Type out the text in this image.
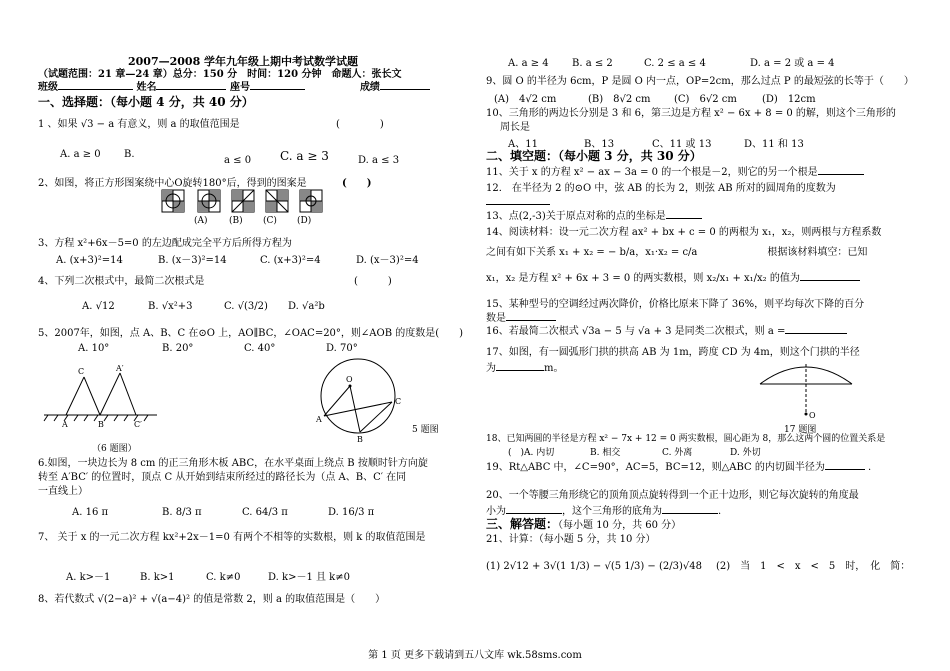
2007—2008 学年九年级上期中考试数学试题
（试题范围：21 章—24 章）总分：150 分　时间：120 分钟　命题人：张长文
班级	姓名	座号	成绩
一、选择题：（每小题 4 分，共 40 分）
1 、如果 √3 − a 有意义，则 a 的取值范围是	(　　　　)
A. a ≥ 0 B.
a ≤ 0 C. a ≥ 3	D. a ≤ 3
2、如图，将正方形图案绕中心O旋转180°后，得到的图案是	(　　)
(A) (B) (C) (D)
3、方程 x²+6x－5=0 的左边配成完全平方后所得方程为
A. (x+3)²=14	B. (x－3)²=14	C. (x+3)²=4	D. (x－3)²=4
4、下列二次根式中，最简二次根式是	(　　　)
A. √12	B. √x²+3	C. √(3/2) D. √a²b
5、2007年，如图，点 A、B、C 在⊙O 上，AO∥BC，∠OAC=20°，则∠AOB 的度数是(　　)
A. 10°	B. 20°	C. 40°	D. 70°
C	A′
A	B	C′
（6 题图）
O
A
B
C
5 题图
6.如图，一块边长为 8 cm 的正三角形木板 ABC，在水平桌面上绕点 B 按顺时针方向旋
转至 A′BC′ 的位置时，顶点 C 从开始到结束所经过的路径长为（点 A、B、C′ 在同
一直线上）
A. 16 π	B. 8/3 π	C. 64/3 π	D. 16/3 π
7、 关于 x 的一元二次方程 kx²+2x－1=0 有两个不相等的实数根，则 k 的取值范围是
A. k>－1	B. k>1	C. k≠0	D. k>－1 且 k≠0
8、若代数式 √(2−a)² + √(a−4)² 的值是常数 2，则 a 的取值范围是（　　）
A. a ≥ 4 B. a ≤ 2	C. 2 ≤ a ≤ 4	D. a = 2 或 a = 4
9、圆 O 的半径为 6cm，P 是圆 O 内一点，OP=2cm，那么过点 P 的最短弦的长等于（　　）
(A)　4√2 cm	(B)　8√2 cm (C)　6√2 cm	(D)　12cm
10、三角形的两边长分别是 3 和 6，第三边是方程 x² − 6x + 8 = 0 的解，则这个三角形的
周长是
A、11	B、13	C、11 或 13	D、11 和 13
二、填空题：（每小题 3 分，共 30 分）
11、关于 x 的方程 x² − ax − 3a = 0 的一个根是－2，则它的另一个根是
12． 在半径为 2 的⊙O 中，弦 AB 的长为 2，则弦 AB 所对的圆周角的度数为
13、点(2,-3)关于原点对称的点的坐标是
14、阅读材料：设一元二次方程 ax² + bx + c = 0 的两根为 x₁，x₂，则两根与方程系数
之间有如下关系 x₁ + x₂ = − b/a，x₁·x₂ = c/a　　　　　　　根据该材料填空：已知
x₁，x₂ 是方程 x² + 6x + 3 = 0 的两实数根，则 x₂/x₁ + x₁/x₂ 的值为
15、某种型号的空调经过两次降价，价格比原来下降了 36%，则平均每次下降的百分
数是
16、若最简二次根式 √3a − 5 与 √a + 3 是同类二次根式，则 a =
17、如图，有一圆弧形门拱的拱高 AB 为 1m，跨度 CD 为 4m，则这个门拱的半径
为	m。
O
17 题图
18、已知两圆的半径是方程 x² − 7x + 12 = 0 两实数根，圆心距为 8，那么这两个圆的位置关系是
(　)A. 内切	B. 相交	C. 外离	D. 外切
19、Rt△ABC 中，∠C=90°，AC=5，BC=12，则△ABC 的内切圆半径为	.
20、一个等腰三角形绕它的顶角顶点旋转得到一个正十边形，则它每次旋转的角度最
小为	，这个三角形的底角为	.
三、解答题：（每小题 10 分，共 60 分）
21、计算：（每小题 5 分，共 10 分）
(1) 2√12 + 3√(1 1/3) − √(5 1/3) − (2/3)√48 (2)　当　1　<　x　<　5　时，　化　简：
第 1 页 更多下载请到五八文库 wk.58sms.com
